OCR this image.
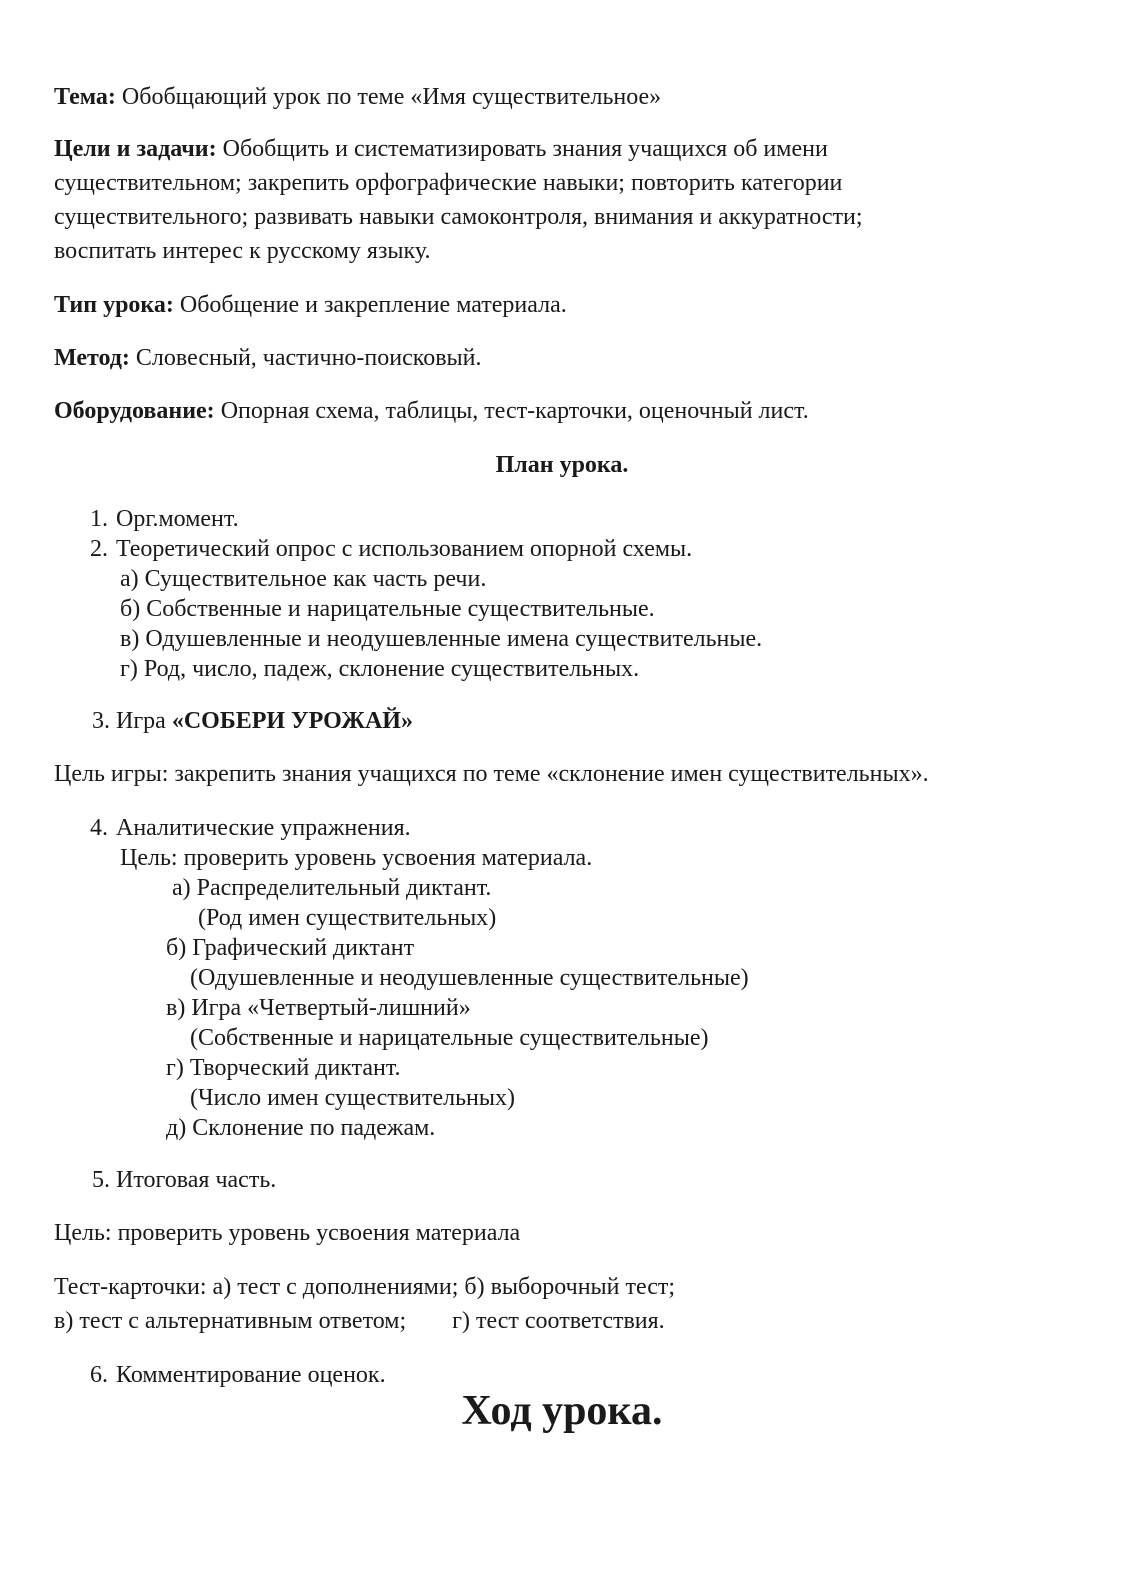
Тема: Обобщающий урок по теме «Имя существительное»

Цели и задачи: Обобщить и систематизировать знания учащихся об имени
существительном; закрепить орфографические навыки; повторить категории
существительного; развивать навыки самоконтроля, внимания и аккуратности;
воспитать интерес к русскому языку.

Тип урока: Обобщение и закрепление материала.

Метод: Словесный, частично-поисковый.

Оборудование: Опорная схема, таблицы, тест-карточки, оценочный лист.

План урока.
1. Орг.момент.
2. Теоретический опрос с использованием опорной схемы.
а) Существительное как часть речи.
б) Собственные и нарицательные существительные.
в) Одушевленные и неодушевленные имена существительные.
г) Род, число, падеж, склонение существительных.
3. Игра «СОБЕРИ УРОЖАЙ»
Цель игры: закрепить знания учащихся по теме «склонение имен существительных».
4. Аналитические упражнения.
Цель: проверить уровень усвоения материала.
а) Распределительный диктант.
(Род имен существительных)
б) Графический диктант
(Одушевленные и неодушевленные существительные)
в) Игра «Четвертый-лишний»
(Собственные и нарицательные существительные)
г) Творческий диктант.
(Число имен существительных)
д) Склонение по падежам.
5. Итоговая часть.
Цель: проверить уровень усвоения материала
Тест-карточки: а) тест с дополнениями; б) выборочный тест;
в) тест с альтернативным ответом; г) тест соответствия.
6. Комментирование оценок.
Ход урока.
